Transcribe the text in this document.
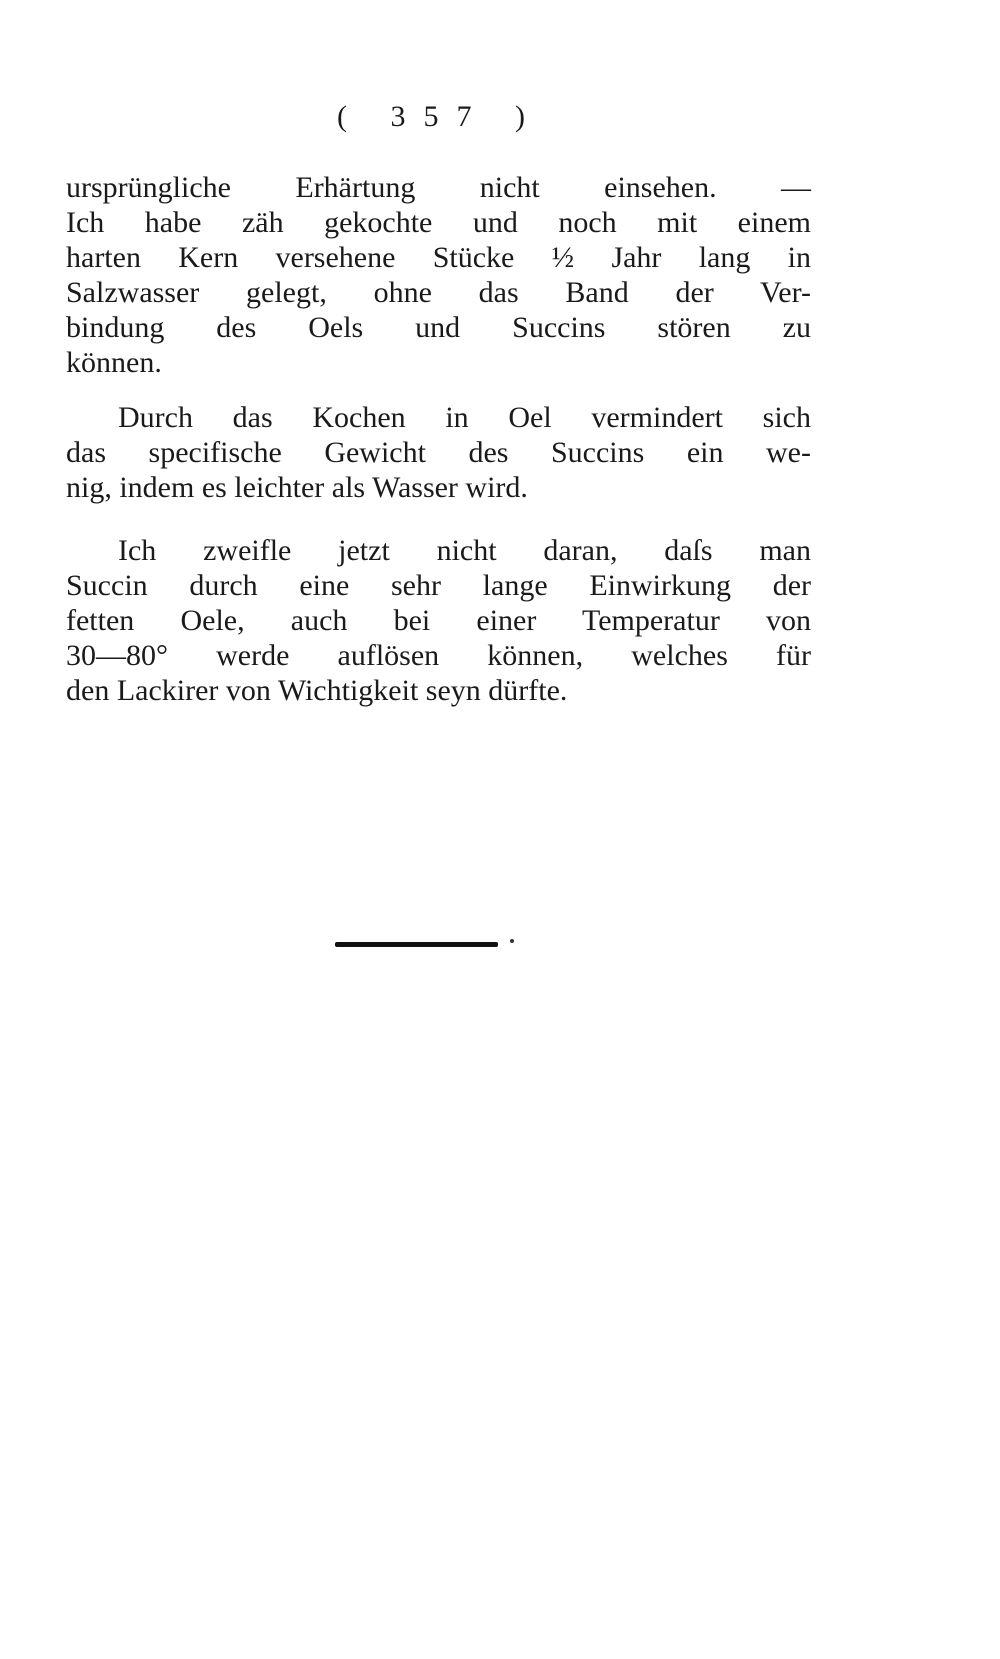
( 357 )
ursprüngliche Erhärtung nicht einsehen. —
Ich habe zäh gekochte und noch mit einem
harten Kern versehene Stücke ½ Jahr lang in
Salzwasser gelegt, ohne das Band der Ver-
bindung des Oels und Succins stören zu
können.
Durch das Kochen in Oel vermindert sich
das specifische Gewicht des Succins ein we-
nig, indem es leichter als Wasser wird.
Ich zweifle jetzt nicht daran, daſs man
Succin durch eine sehr lange Einwirkung der
fetten Oele, auch bei einer Temperatur von
30—80° werde auflösen können, welches für
den Lackirer von Wichtigkeit seyn dürfte.
